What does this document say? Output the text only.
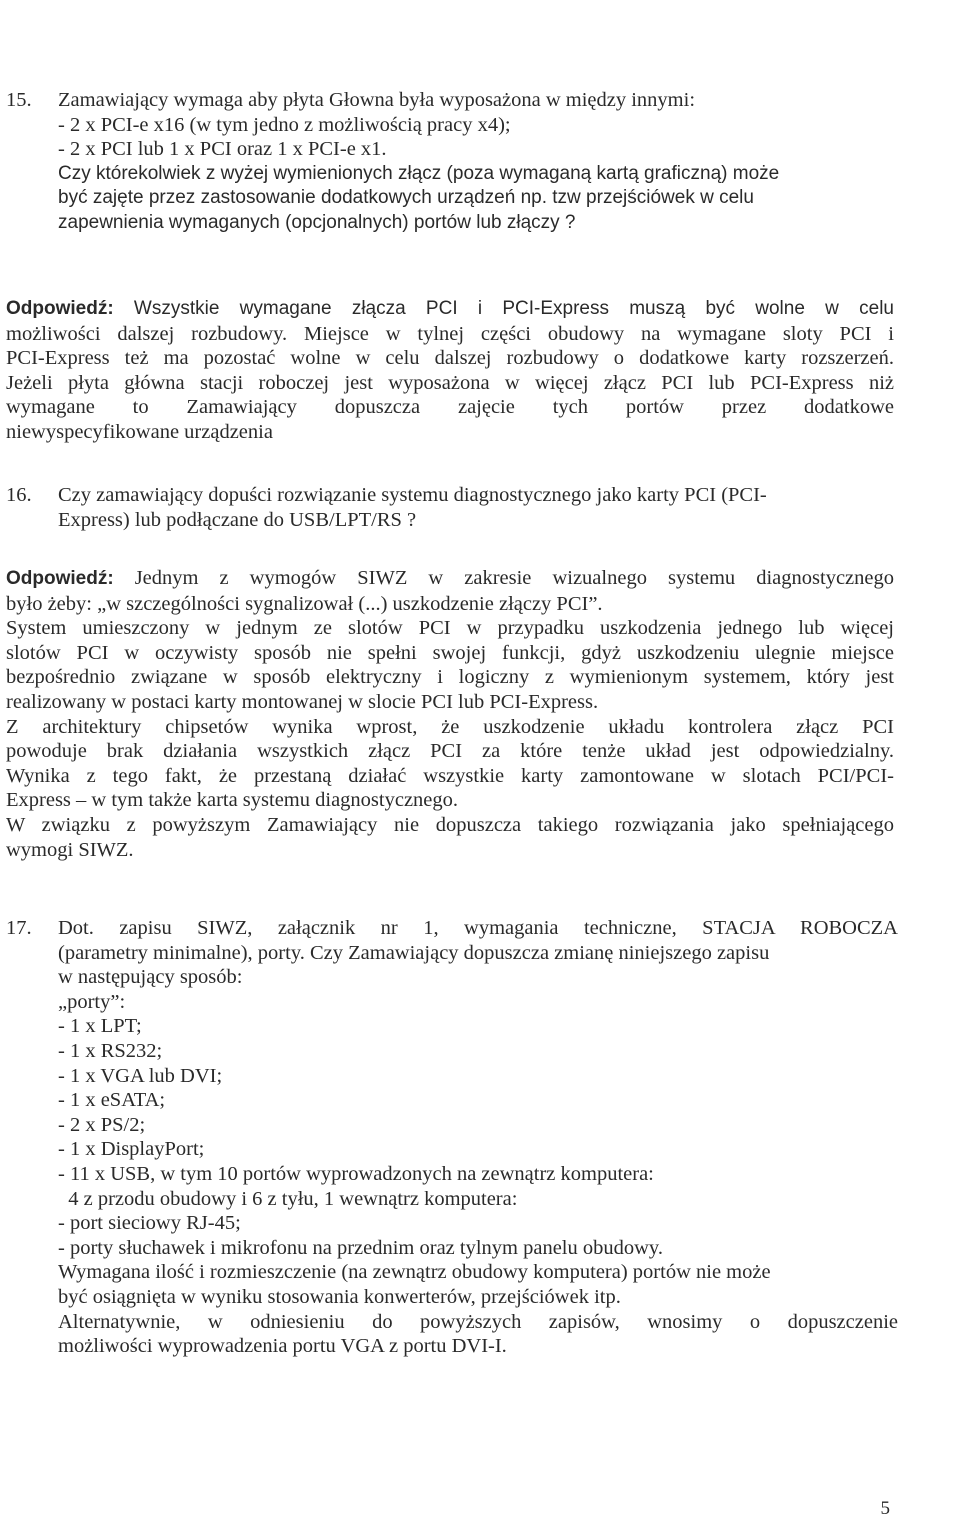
15. Zamawiający wymaga aby płyta Głowna była wyposażona w między innymi:
- 2 x PCI-e x16 (w tym jedno z możliwością pracy x4);
- 2 x PCI lub 1 x PCI oraz 1 x PCI-e x1.
Czy którekolwiek z wyżej wymienionych złącz (poza wymaganą kartą graficzną) może
być zajęte przez zastosowanie dodatkowych urządzeń np. tzw przejściówek w celu
zapewnienia wymaganych (opcjonalnych) portów lub złączy ?
Odpowiedź: Wszystkie wymagane złącza PCI i PCI-Express muszą być wolne w celu
możliwości dalszej rozbudowy. Miejsce w tylnej części obudowy na wymagane sloty PCI i
PCI-Express też ma pozostać wolne w celu dalszej rozbudowy o dodatkowe karty rozszerzeń.
Jeżeli płyta główna stacji roboczej jest wyposażona w więcej złącz PCI lub PCI-Express niż
wymagane to Zamawiający dopuszcza zajęcie tych portów przez dodatkowe
niewyspecyfikowane urządzenia
16. Czy zamawiający dopuści rozwiązanie systemu diagnostycznego jako karty PCI (PCI-
Express) lub podłączane do USB/LPT/RS ?
Odpowiedź: Jednym z wymogów SIWZ w zakresie wizualnego systemu diagnostycznego
było żeby: „w szczególności sygnalizował (...) uszkodzenie złączy PCI”.
System umieszczony w jednym ze slotów PCI w przypadku uszkodzenia jednego lub więcej
slotów PCI w oczywisty sposób nie spełni swojej funkcji, gdyż uszkodzeniu ulegnie miejsce
bezpośrednio związane w sposób elektryczny i logiczny z wymienionym systemem, który jest
realizowany w postaci karty montowanej w slocie PCI lub PCI-Express.
Z architektury chipsetów wynika wprost, że uszkodzenie układu kontrolera złącz PCI
powoduje brak działania wszystkich złącz PCI za które tenże układ jest odpowiedzialny.
Wynika z tego fakt, że przestaną działać wszystkie karty zamontowane w slotach PCI/PCI-
Express – w tym także karta systemu diagnostycznego.
W związku z powyższym Zamawiający nie dopuszcza takiego rozwiązania jako spełniającego
wymogi SIWZ.
17. Dot. zapisu SIWZ, załącznik nr 1, wymagania techniczne, STACJA ROBOCZA
(parametry minimalne), porty. Czy Zamawiający dopuszcza zmianę niniejszego zapisu
w następujący sposób:
„porty”:
- 1 x LPT;
- 1 x RS232;
- 1 x VGA lub DVI;
- 1 x eSATA;
- 2 x PS/2;
- 1 x DisplayPort;
- 11 x USB, w tym 10 portów wyprowadzonych na zewnątrz komputera:
4 z przodu obudowy i 6 z tyłu, 1 wewnątrz komputera:
- port sieciowy RJ-45;
- porty słuchawek i mikrofonu na przednim oraz tylnym panelu obudowy.
Wymagana ilość i rozmieszczenie (na zewnątrz obudowy komputera) portów nie może
być osiągnięta w wyniku stosowania konwerterów, przejściówek itp.
Alternatywnie, w odniesieniu do powyższych zapisów, wnosimy o dopuszczenie
możliwości wyprowadzenia portu VGA z portu DVI-I.
5
